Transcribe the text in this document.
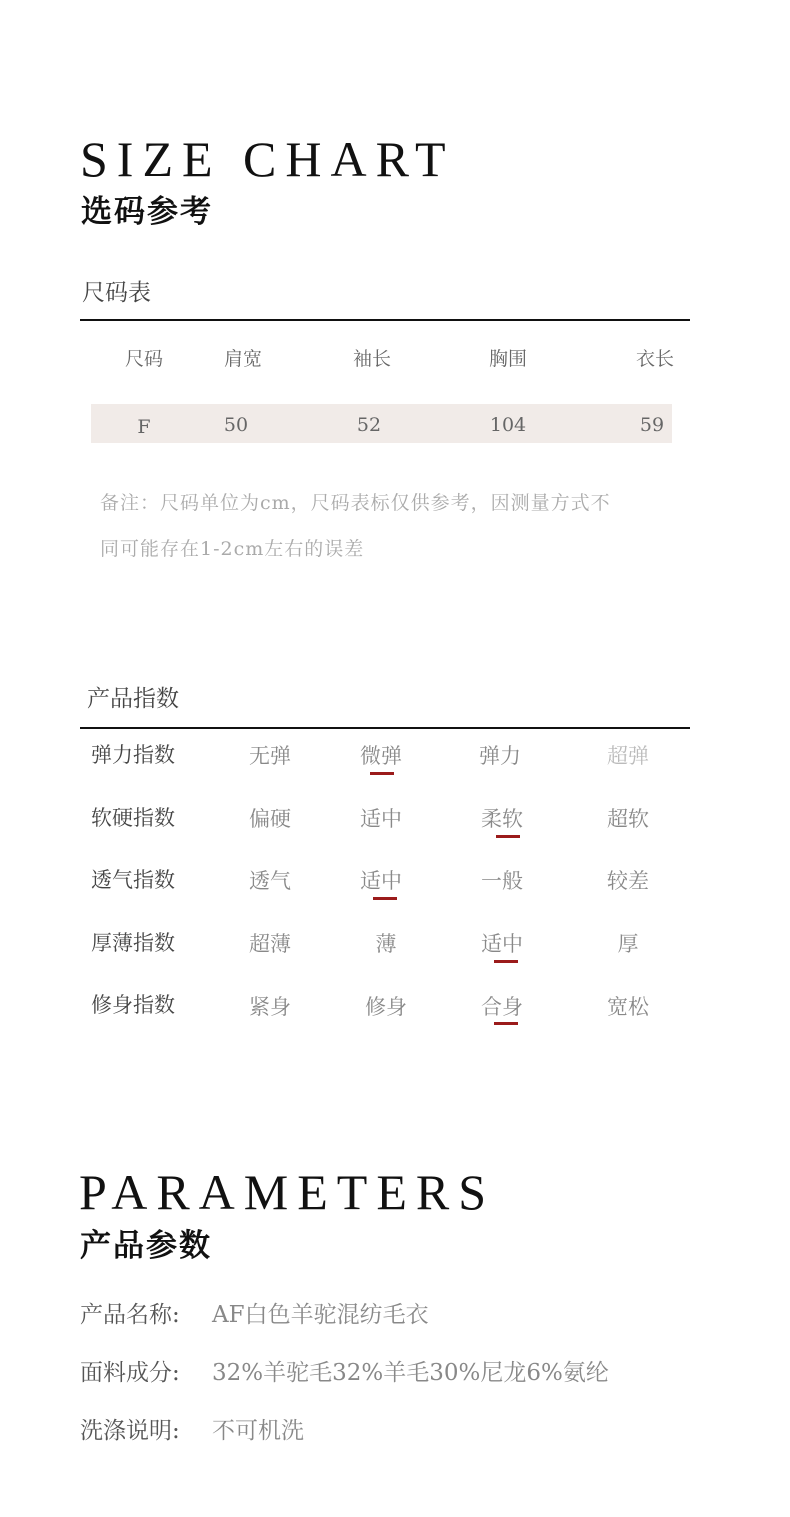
SIZE CHART
选码参考
尺码表
尺码	肩宽	袖长	胸围	衣长
F	50	52	104	59
备注：尺码单位为cm，尺码表标仅供参考，因测量方式不
同可能存在1-2cm左右的误差
产品指数
弹力指数	无弹	微弹	弹力	超弹
软硬指数	偏硬	适中	柔软	超软
透气指数	透气	适中	一般	较差
厚薄指数	超薄	薄	适中	厚
修身指数	紧身	修身	合身	宽松
PARAMETERS
产品参数
产品名称: AF白色羊驼混纺毛衣
面料成分: 32%羊驼毛32%羊毛30%尼龙6%氨纶
洗涤说明: 不可机洗
